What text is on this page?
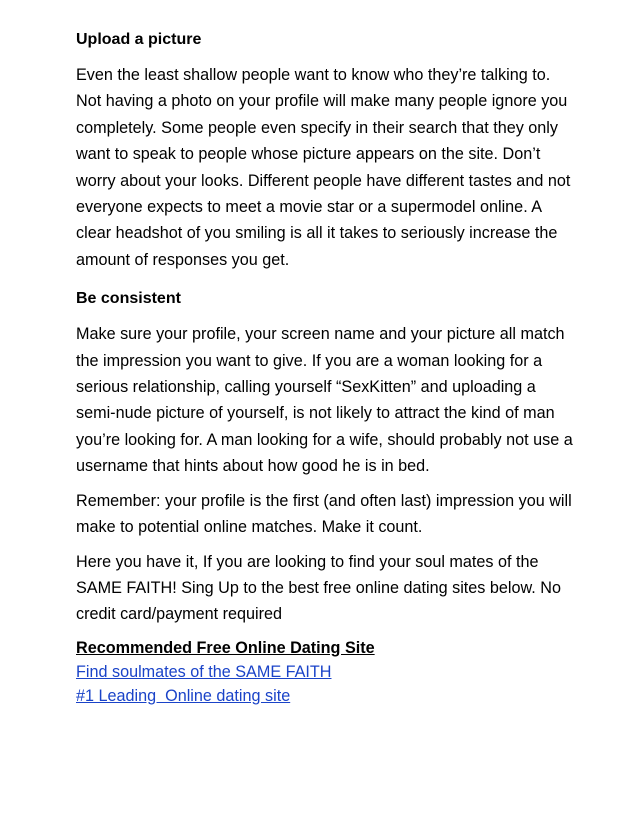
Upload a picture
Even the least shallow people want to know who they’re talking to. Not having a photo on your profile will make many people ignore you completely. Some people even specify in their search that they only want to speak to people whose picture appears on the site. Don’t worry about your looks. Different people have different tastes and not everyone expects to meet a movie star or a supermodel online. A clear headshot of you smiling is all it takes to seriously increase the amount of responses you get.
Be consistent
Make sure your profile, your screen name and your picture all match the impression you want to give. If you are a woman looking for a serious relationship, calling yourself “SexKitten” and uploading a semi-nude picture of yourself, is not likely to attract the kind of man you’re looking for. A man looking for a wife, should probably not use a username that hints about how good he is in bed.
Remember: your profile is the first (and often last) impression you will make to potential online matches. Make it count.
Here you have it, If you are looking to find your soul mates of the SAME FAITH! Sing Up to the best free online dating sites below. No credit card/payment required
Recommended Free Online Dating Site
Find soulmates of the SAME FAITH
#1 Leading  Online dating site
